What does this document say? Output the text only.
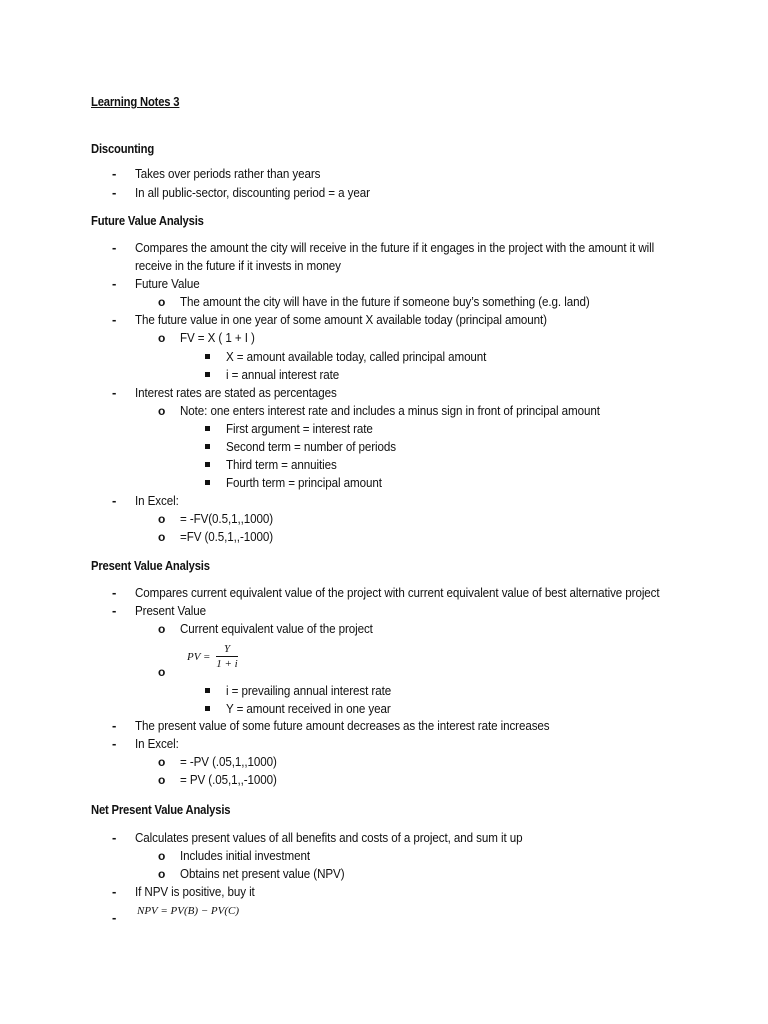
Learning Notes 3
Discounting
- Takes over periods rather than years
- In all public-sector, discounting period = a year
Future Value Analysis
- Compares the amount the city will receive in the future if it engages in the project with the amount it will
receive in the future if it invests in money
- Future Value
o The amount the city will have in the future if someone buy’s something (e.g. land)
- The future value in one year of some amount X available today (principal amount)
o FV = X ( 1 + I )
X = amount available today, called principal amount
i = annual interest rate
- Interest rates are stated as percentages
o Note: one enters interest rate and includes a minus sign in front of principal amount
First argument = interest rate
Second term = number of periods
Third term = annuities
Fourth term = principal amount
- In Excel:
o = -FV(0.5,1,,1000)
o =FV (0.5,1,,-1000)
Present Value Analysis
- Compares current equivalent value of the project with current equivalent value of best alternative project
- Present Value
o Current equivalent value of the project
PV =
Y
1 + i
o
i = prevailing annual interest rate
Y = amount received in one year
- The present value of some future amount decreases as the interest rate increases
- In Excel:
o = -PV (.05,1,,1000)
o = PV (.05,1,,-1000)
Net Present Value Analysis
- Calculates present values of all benefits and costs of a project, and sum it up
o Includes initial investment
o Obtains net present value (NPV)
- If NPV is positive, buy it
- NPV = PV(B) − PV(C)
